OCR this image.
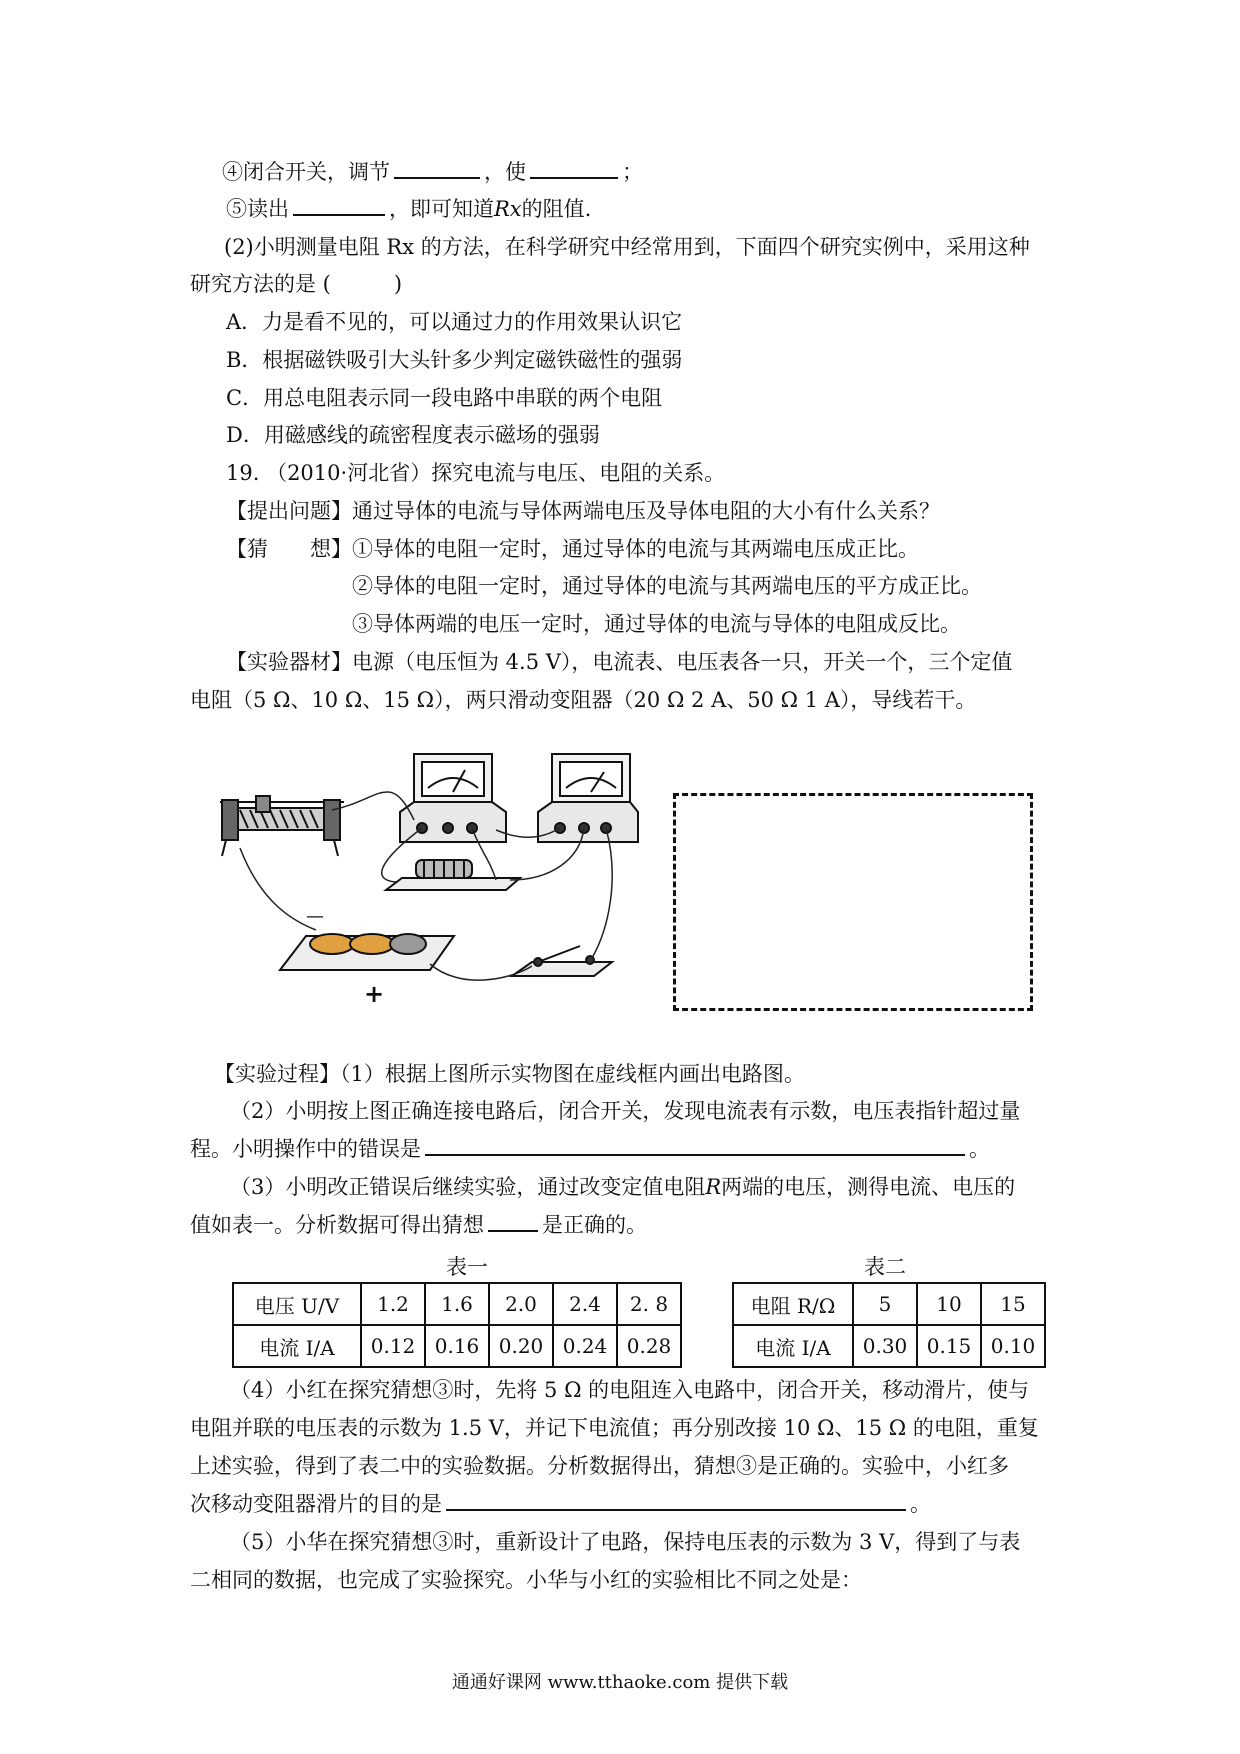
④闭合开关，调节	，使	；
⑤读出	，即可知道Rx的阻值.
(2)小明测量电阻 Rx 的方法，在科学研究中经常用到，下面四个研究实例中，采用这种
研究方法的是 (　　　)
A．力是看不见的，可以通过力的作用效果认识它
B．根据磁铁吸引大头针多少判定磁铁磁性的强弱
C．用总电阻表示同一段电路中串联的两个电阻
D．用磁感线的疏密程度表示磁场的强弱
19. （2010·河北省）探究电流与电压、电阻的关系。
【提出问题】通过导体的电流与导体两端电压及导体电阻的大小有什么关系？
【猜　　想】①导体的电阻一定时，通过导体的电流与其两端电压成正比。
②导体的电阻一定时，通过导体的电流与其两端电压的平方成正比。
③导体两端的电压一定时，通过导体的电流与导体的电阻成反比。
【实验器材】电源（电压恒为 4.5 V），电流表、电压表各一只，开关一个，三个定值
电阻（5 Ω、10 Ω、15 Ω），两只滑动变阻器（20 Ω 2 A、50 Ω 1 A），导线若干。
—
+
【实验过程】（1）根据上图所示实物图在虚线框内画出电路图。
（2）小明按上图正确连接电路后，闭合开关，发现电流表有示数，电压表指针超过量
程。小明操作中的错误是	。
（3）小明改正错误后继续实验，通过改变定值电阻R两端的电压，测得电流、电压的
值如表一。分析数据可得出猜想	是正确的。
表一	表二
电压 U/V	1.2	1.6	2.0	2.4	2. 8
电流 I/A	0.12	0.16	0.20	0.24	0.28
电阻 R/Ω	5	10	15
电流 I/A	0.30	0.15	0.10
（4）小红在探究猜想③时，先将 5 Ω 的电阻连入电路中，闭合开关，移动滑片，使与
电阻并联的电压表的示数为 1.5 V，并记下电流值；再分别改接 10 Ω、15 Ω 的电阻，重复
上述实验，得到了表二中的实验数据。分析数据得出，猜想③是正确的。实验中，小红多
次移动变阻器滑片的目的是	。
（5）小华在探究猜想③时，重新设计了电路，保持电压表的示数为 3 V，得到了与表
二相同的数据，也完成了实验探究。小华与小红的实验相比不同之处是：
通通好课网 www.tthaoke.com 提供下载
